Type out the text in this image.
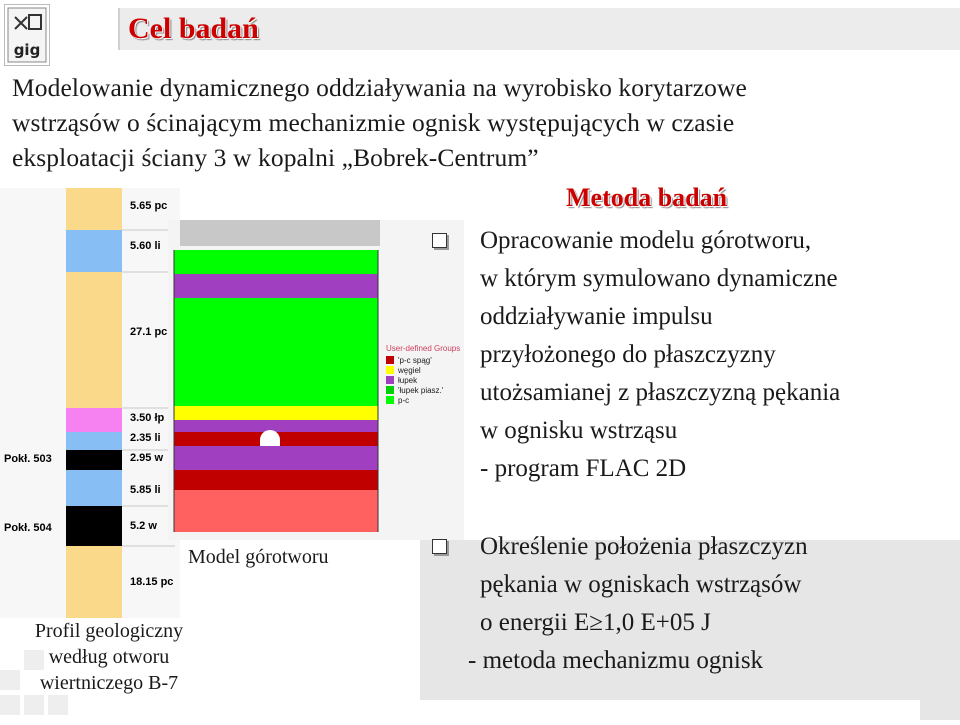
gig
Cel badań
Modelowanie dynamicznego oddziaływania na wyrobisko korytarzowe
wstrząsów o ścinającym mechanizmie ognisk występujących w czasie
eksploatacji ściany 3 w kopalni „Bobrek-Centrum”
5.65 pc
5.60 li
27.1 pc
3.50 łp
2.35 li
2.95 w
5.85 li
5.2 w
18.15 pc
Pokł. 503
Pokł. 504
Profil geologiczny
według otworu
wiertniczego B-7
User-defined Groups
'p-c spąg'
węgiel
łupek
'łupek piasz.'
p-c
Model górotworu
Metoda badań
Opracowanie modelu górotworu,
w którym symulowano dynamiczne
oddziaływanie impulsu
przyłożonego do płaszczyzny
utożsamianej z płaszczyzną pękania
w ognisku wstrząsu
- program FLAC 2D
Określenie położenia płaszczyzn
pękania w ogniskach wstrząsów
o energii E≥1,0 E+05 J
- metoda mechanizmu ognisk
